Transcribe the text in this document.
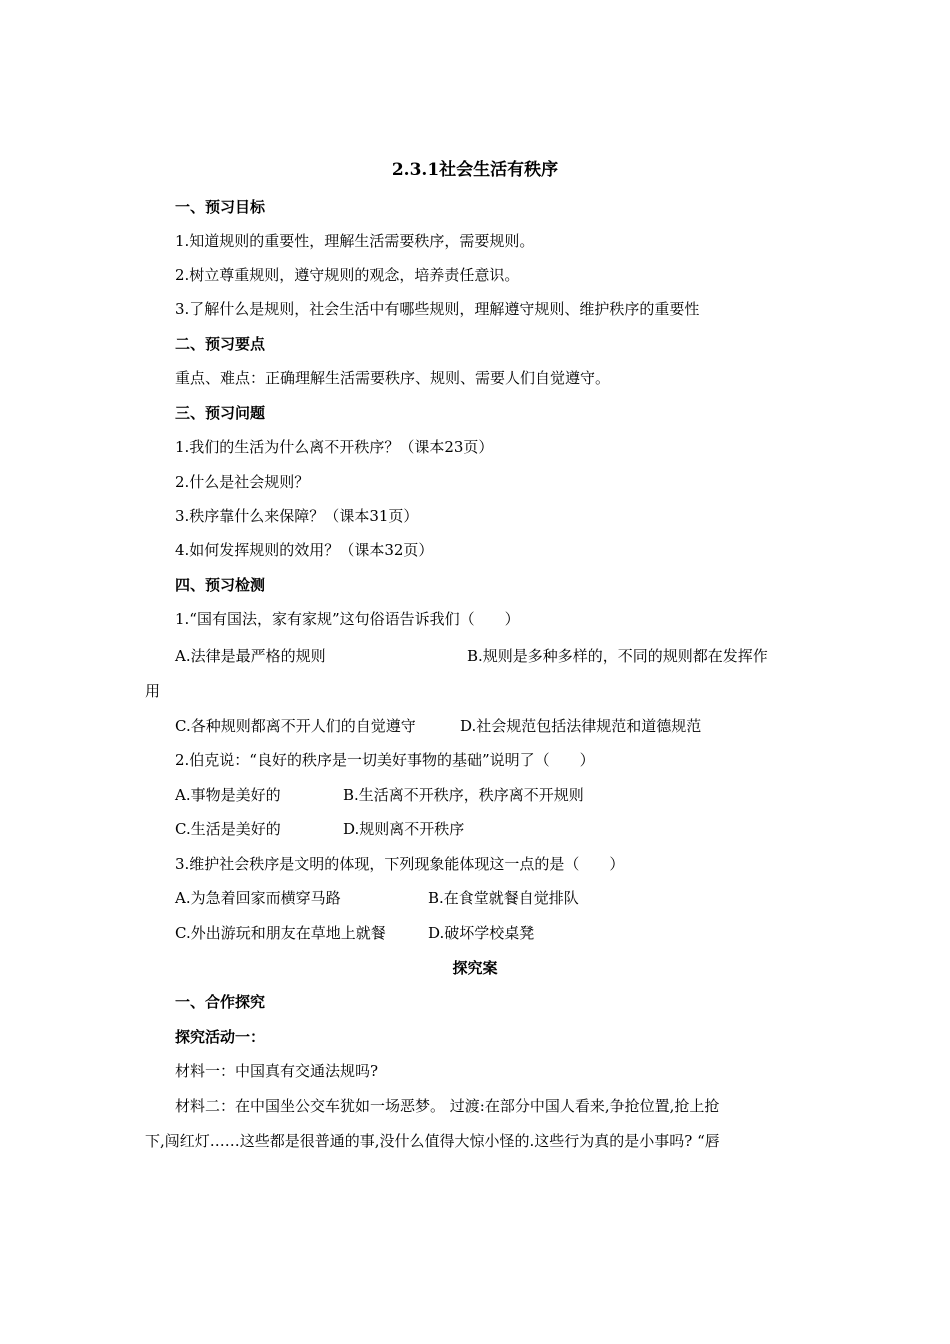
2.3.1社会生活有秩序
一、预习目标
1.知道规则的重要性，理解生活需要秩序，需要规则。
2.树立尊重规则，遵守规则的观念，培养责任意识。
3.了解什么是规则，社会生活中有哪些规则，理解遵守规则、维护秩序的重要性
二、预习要点
重点、难点：正确理解生活需要秩序、规则、需要人们自觉遵守。
三、预习问题
1.我们的生活为什么离不开秩序？（课本23页）
2.什么是社会规则？
3.秩序靠什么来保障？（课本31页）
4.如何发挥规则的效用？（课本32页）
四、预习检测
1.“国有国法，家有家规”这句俗语告诉我们（　　）
A.法律是最严格的规则	B.规则是多种多样的，不同的规则都在发挥作
用
C.各种规则都离不开人们的自觉遵守	D.社会规范包括法律规范和道德规范
2.伯克说：“良好的秩序是一切美好事物的基础”说明了（　　）
A.事物是美好的	B.生活离不开秩序，秩序离不开规则
C.生活是美好的	D.规则离不开秩序
3.维护社会秩序是文明的体现，下列现象能体现这一点的是（　　）
A.为急着回家而横穿马路	B.在食堂就餐自觉排队
C.外出游玩和朋友在草地上就餐	D.破坏学校桌凳
探究案
一、合作探究
探究活动一：
材料一：中国真有交通法规吗?
材料二：在中国坐公交车犹如一场恶梦。 过渡:在部分中国人看来,争抢位置,抢上抢
下,闯红灯……这些都是很普通的事,没什么值得大惊小怪的.这些行为真的是小事吗? “唇
